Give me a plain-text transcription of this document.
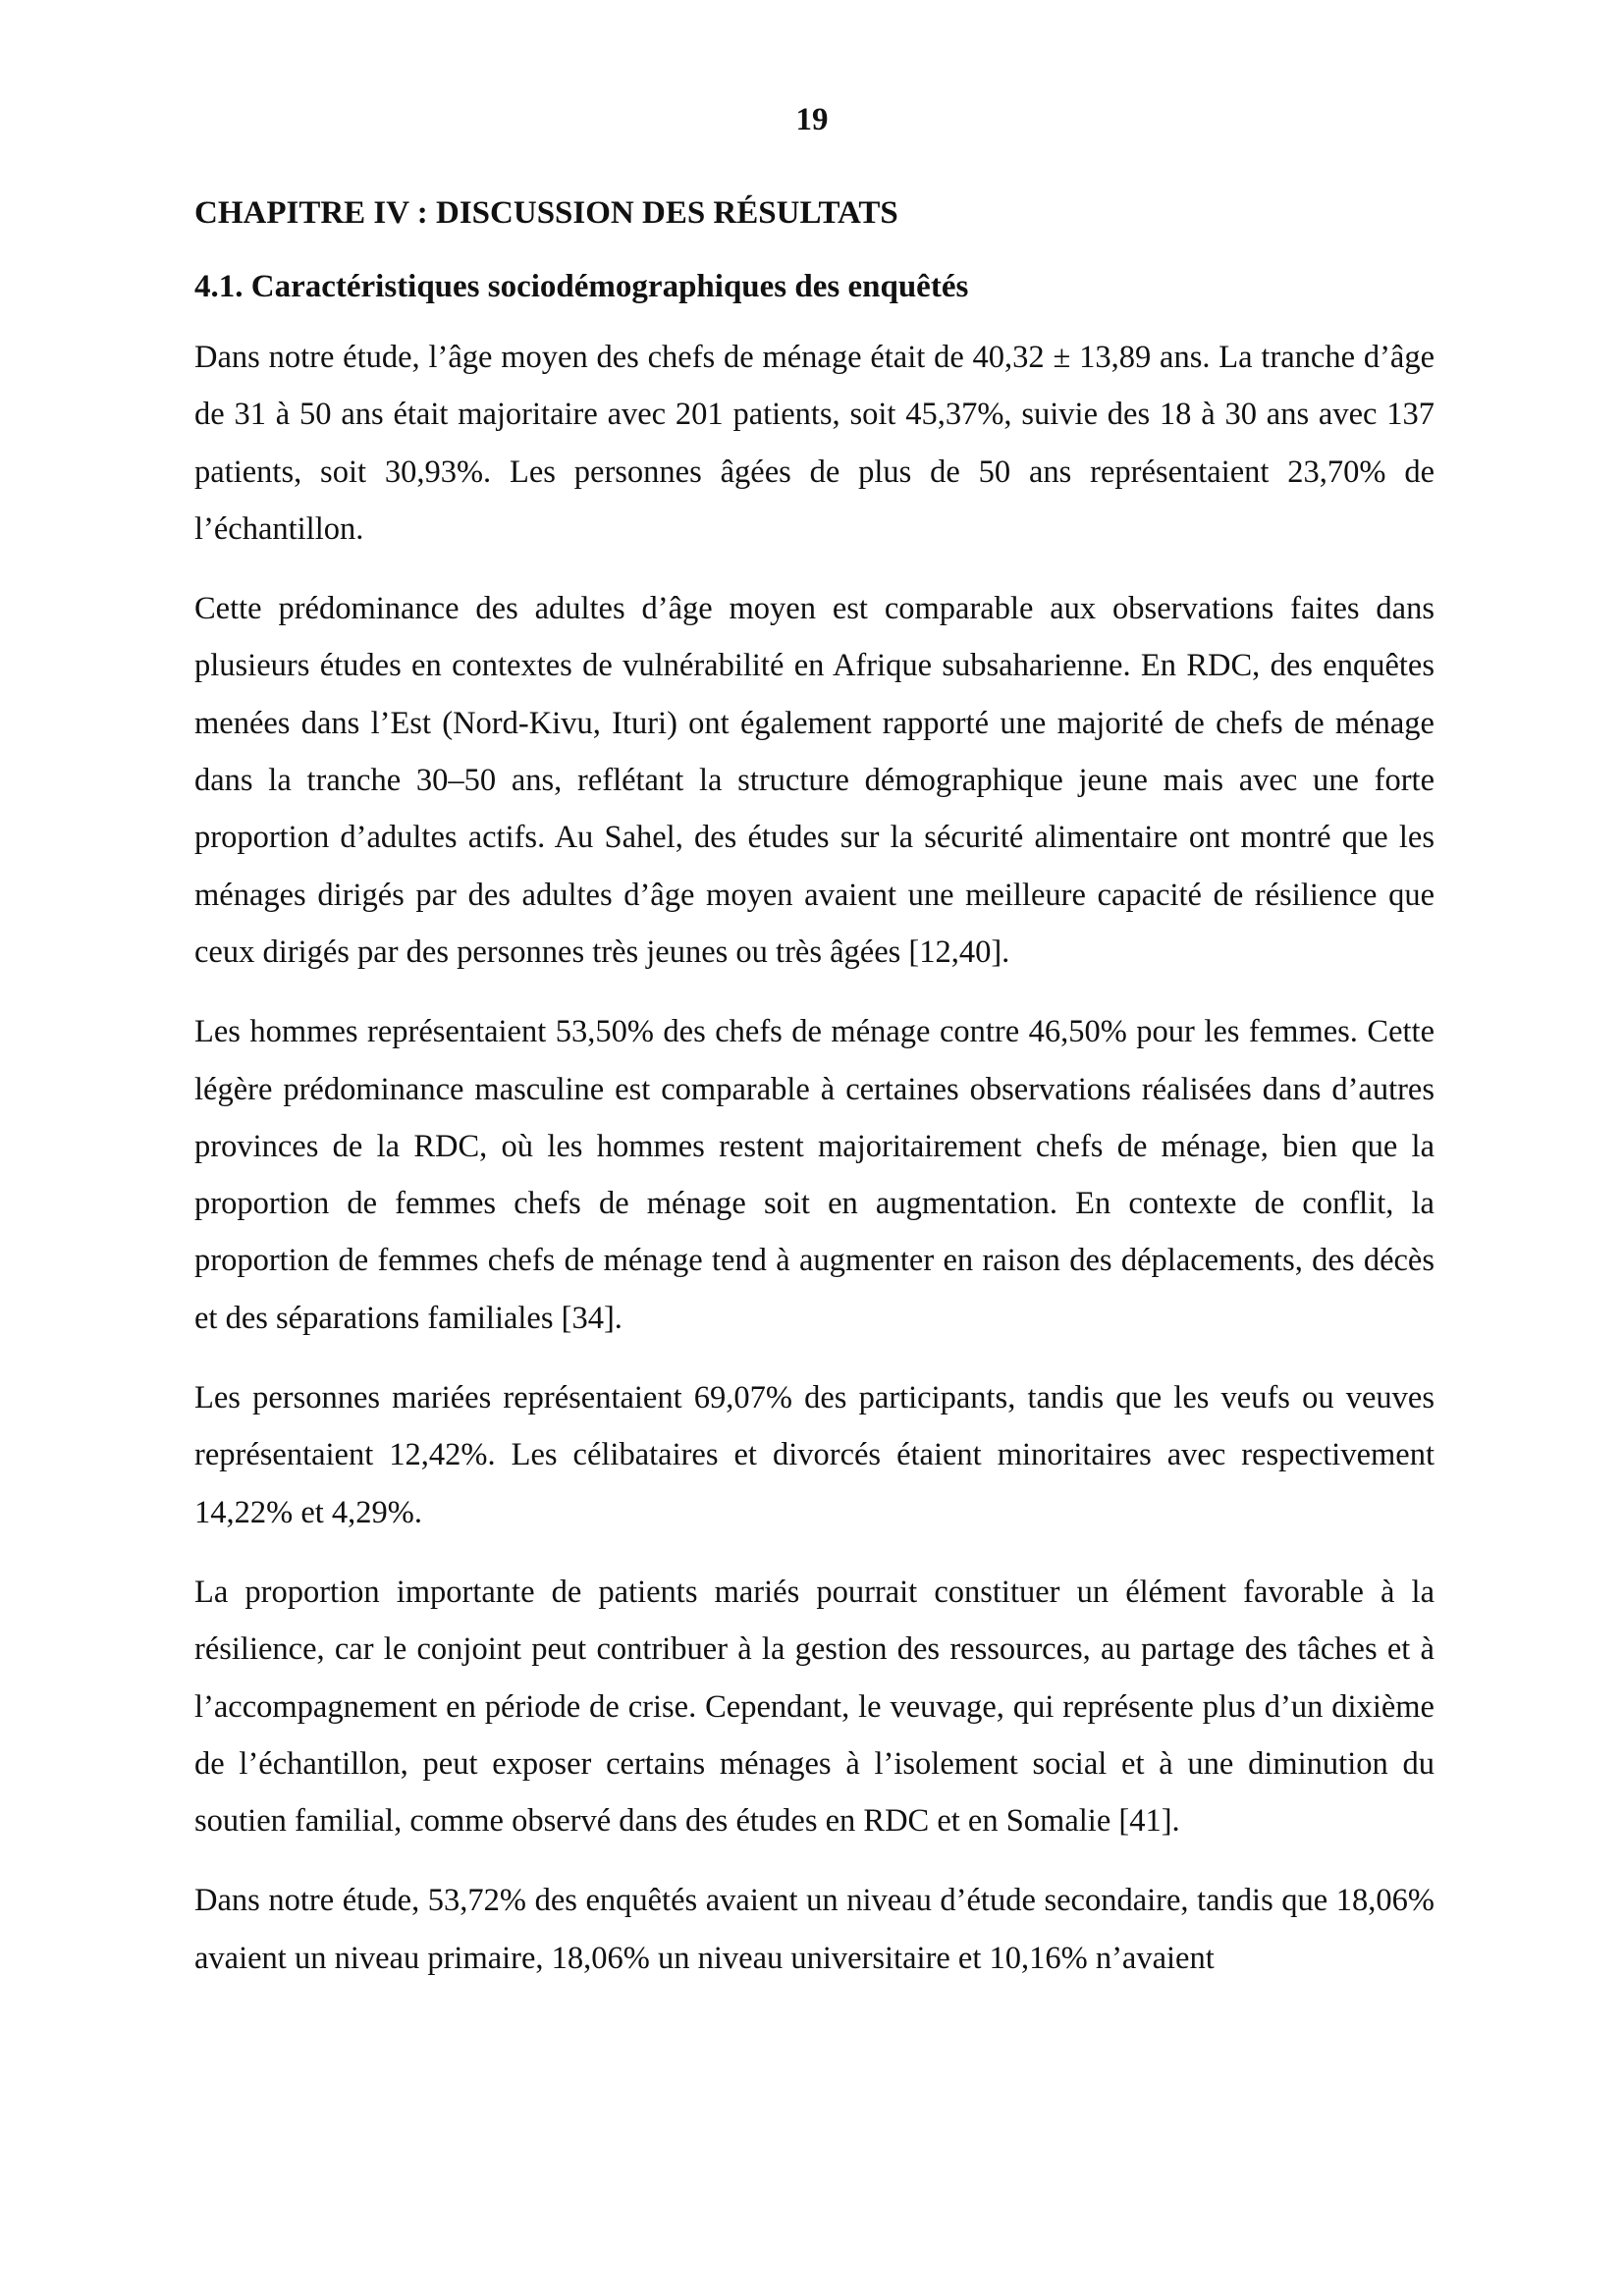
19
CHAPITRE IV : DISCUSSION DES RÉSULTATS
4.1. Caractéristiques sociodémographiques des enquêtés

Dans notre étude, l’âge moyen des chefs de ménage était de 40,32 ± 13,89 ans. La tranche d’âge de 31 à 50 ans était majoritaire avec 201 patients, soit 45,37%, suivie des 18 à 30 ans avec 137 patients, soit 30,93%. Les personnes âgées de plus de 50 ans représentaient 23,70% de l’échantillon.

Cette prédominance des adultes d’âge moyen est comparable aux observations faites dans plusieurs études en contextes de vulnérabilité en Afrique subsaharienne. En RDC, des enquêtes menées dans l’Est (Nord-Kivu, Ituri) ont également rapporté une majorité de chefs de ménage dans la tranche 30–50 ans, reflétant la structure démographique jeune mais avec une forte proportion d’adultes actifs. Au Sahel, des études sur la sécurité alimentaire ont montré que les ménages dirigés par des adultes d’âge moyen avaient une meilleure capacité de résilience que ceux dirigés par des personnes très jeunes ou très âgées [12,40].

Les hommes représentaient 53,50% des chefs de ménage contre 46,50% pour les femmes. Cette légère prédominance masculine est comparable à certaines observations réalisées dans d’autres provinces de la RDC, où les hommes restent majoritairement chefs de ménage, bien que la proportion de femmes chefs de ménage soit en augmentation. En contexte de conflit, la proportion de femmes chefs de ménage tend à augmenter en raison des déplacements, des décès et des séparations familiales [34].

Les personnes mariées représentaient 69,07% des participants, tandis que les veufs ou veuves représentaient 12,42%. Les célibataires et divorcés étaient minoritaires avec respectivement 14,22% et 4,29%.

La proportion importante de patients mariés pourrait constituer un élément favorable à la résilience, car le conjoint peut contribuer à la gestion des ressources, au partage des tâches et à l’accompagnement en période de crise. Cependant, le veuvage, qui représente plus d’un dixième de l’échantillon, peut exposer certains ménages à l’isolement social et à une diminution du soutien familial, comme observé dans des études en RDC et en Somalie [41].

Dans notre étude, 53,72% des enquêtés avaient un niveau d’étude secondaire, tandis que 18,06% avaient un niveau primaire, 18,06% un niveau universitaire et 10,16% n’avaient
